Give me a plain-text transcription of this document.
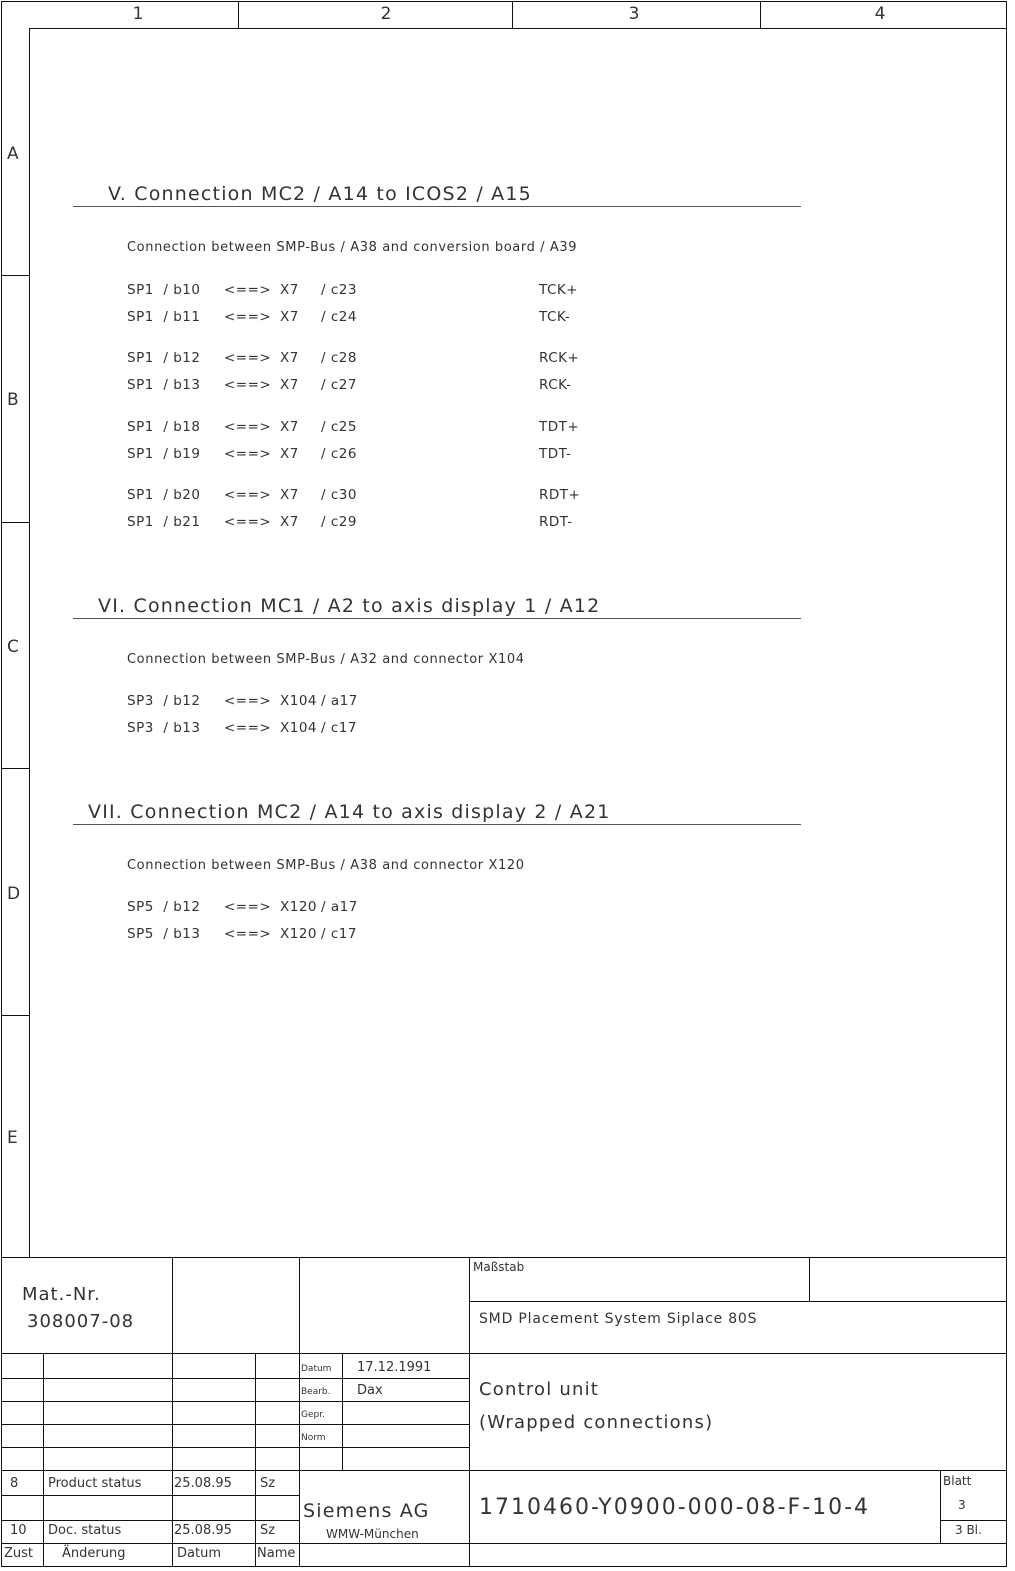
1	2	3	4
A
B
C
D
E
V. Connection MC2 / A14 to ICOS2 / A15
Connection between SMP-Bus / A38 and conversion board / A39
SP1  / b10 <==> X7 / c23	TCK+
SP1  / b11 <==> X7 / c24	TCK-
SP1  / b12 <==> X7 / c28	RCK+
SP1  / b13 <==> X7 / c27	RCK-
SP1  / b18 <==> X7 / c25	TDT+
SP1  / b19 <==> X7 / c26	TDT-
SP1  / b20 <==> X7 / c30	RDT+
SP1  / b21 <==> X7 / c29	RDT-
VI. Connection MC1 / A2 to axis display 1 / A12
Connection between SMP-Bus / A32 and connector X104
SP3  / b12 <==> X104 / a17
SP3  / b13 <==> X104 / c17
VII. Connection MC2 / A14 to axis display 2 / A21
Connection between SMP-Bus / A38 and connector X120
SP5  / b12 <==> X120 / a17
SP5  / b13 <==> X120 / c17
Mat.-Nr.
308007-08
Maßstab
SMD Placement System Siplace 80S
Datum 17.12.1991
Bearb. Dax
Gepr.
Norm
Control unit
(Wrapped connections)
Siemens AG
WMW-München
1710460-Y0900-000-08-F-10-4
Blatt
3
3 Bl.
8 Product status	25.08.95 Sz
10 Doc. status	25.08.95 Sz
Zust Änderung	Datum	Name
